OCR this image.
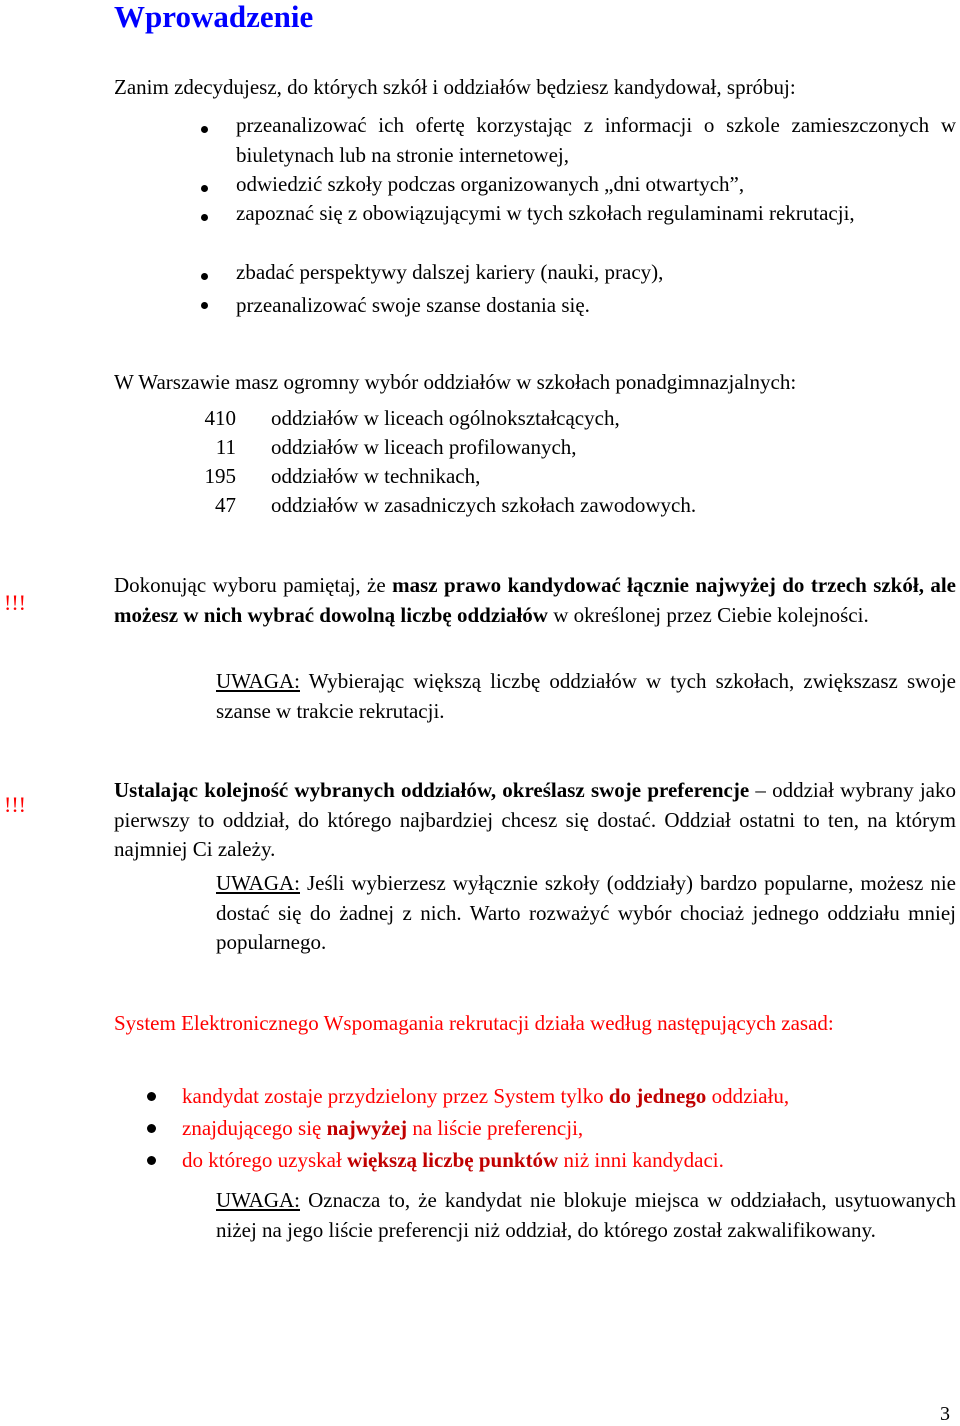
Wprowadzenie
Zanim zdecydujesz, do których szkół i oddziałów będziesz kandydował, spróbuj:

przeanalizować ich ofertę korzystając z informacji o szkole zamieszczonych w biuletynach lub na stronie internetowej,

odwiedzić szkoły podczas organizowanych „dni otwartych”,

zapoznać się z obowiązującymi w tych szkołach regulaminami rekrutacji,

zbadać perspektywy dalszej kariery (nauki, pracy),
przeanalizować swoje szanse dostania się.
W Warszawie masz ogromny wybór oddziałów w szkołach ponadgimnazjalnych:
410 oddziałów w liceach ogólnokształcących,
11 oddziałów w liceach profilowanych,
195 oddziałów w technikach,
47 oddziałów w zasadniczych szkołach zawodowych.
!!!

Dokonując wyboru pamiętaj, że masz prawo kandydować łącznie najwyżej do trzech szkół, ale możesz w nich wybrać dowolną liczbę oddziałów w określonej przez Ciebie kolejności.

UWAGA: Wybierając większą liczbę oddziałów w tych szkołach, zwiększasz swoje szanse w trakcie rekrutacji.

!!!

Ustalając kolejność wybranych oddziałów, określasz swoje preferencje – oddział wybrany jako pierwszy to oddział, do którego najbardziej chcesz się dostać. Oddział ostatni to ten, na którym najmniej Ci zależy.

UWAGA: Jeśli wybierzesz wyłącznie szkoły (oddziały) bardzo popularne, możesz nie dostać się do żadnej z nich. Warto rozważyć wybór chociaż jednego oddziału mniej popularnego.

System Elektronicznego Wspomagania rekrutacji działa według następujących zasad:

kandydat zostaje przydzielony przez System tylko do jednego oddziału,
znajdującego się najwyżej na liście preferencji,
do którego uzyskał większą liczbę punktów niż inni kandydaci.

UWAGA: Oznacza to, że kandydat nie blokuje miejsca w oddziałach, usytuowanych niżej na jego liście preferencji niż oddział, do którego został zakwalifikowany.

3
